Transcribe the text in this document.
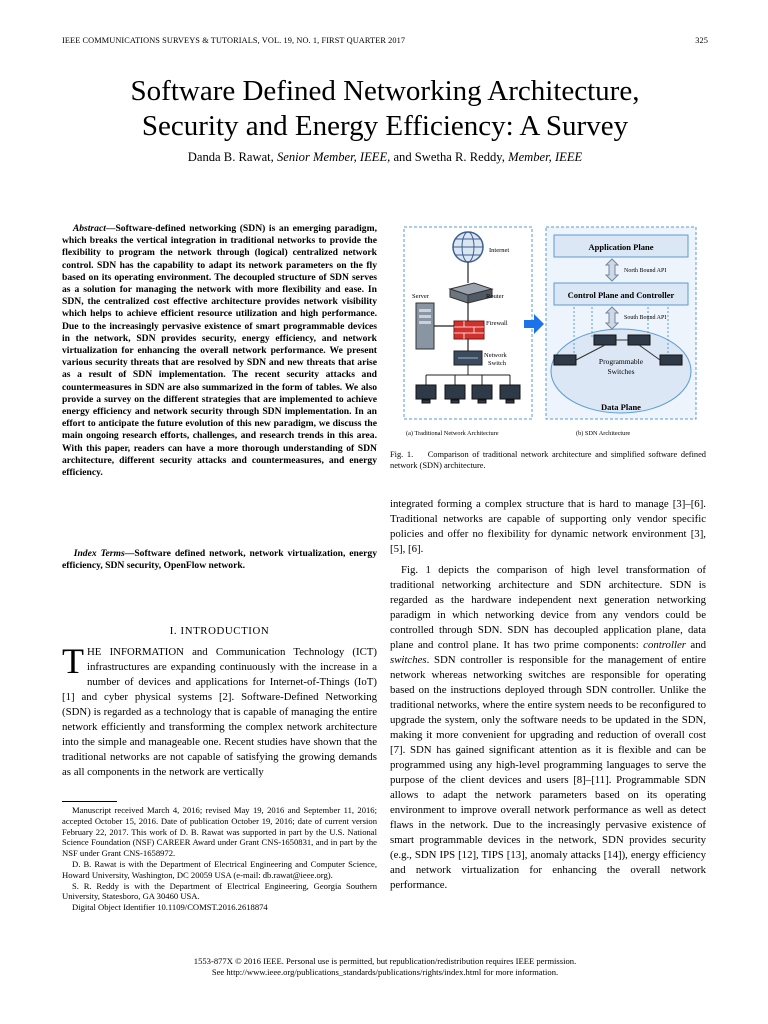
IEEE COMMUNICATIONS SURVEYS & TUTORIALS, VOL. 19, NO. 1, FIRST QUARTER 2017	325
Software Defined Networking Architecture,
Security and Energy Efficiency: A Survey
Danda B. Rawat, Senior Member, IEEE, and Swetha R. Reddy, Member, IEEE
Abstract—Software-defined networking (SDN) is an emerging paradigm, which breaks the vertical integration in traditional networks to provide the flexibility to program the network through (logical) centralized network control. SDN has the capability to adapt its network parameters on the fly based on its operating environment. The decoupled structure of SDN serves as a solution for managing the network with more flexibility and ease. In SDN, the centralized cost effective architecture provides network visibility which helps to achieve efficient resource utilization and high performance. Due to the increasingly pervasive existence of smart programmable devices in the network, SDN provides security, energy efficiency, and network virtualization for enhancing the overall network performance. We present various security threats that are resolved by SDN and new threats that arise as a result of SDN implementation. The recent security attacks and countermeasures in SDN are also summarized in the form of tables. We also provide a survey on the different strategies that are implemented to achieve energy efficiency and network security through SDN implementation. In an effort to anticipate the future evolution of this new paradigm, we discuss the main ongoing research efforts, challenges, and research trends in this area. With this paper, readers can have a more thorough understanding of SDN architecture, different security attacks and countermeasures, and energy efficiency.
Index Terms—Software defined network, network virtualization, energy efficiency, SDN security, OpenFlow network.
I. INTRODUCTION
THE INFORMATION and Communication Technology (ICT) infrastructures are expanding continuously with the increase in a number of devices and applications for Internet-of-Things (IoT) [1] and cyber physical systems [2]. Software-Defined Networking (SDN) is regarded as a technology that is capable of managing the entire network efficiently and transforming the complex network architecture into the simple and manageable one. Recent studies have shown that the traditional networks are not capable of satisfying the growing demands as all components in the network are vertically

Manuscript received March 4, 2016; revised May 19, 2016 and September 11, 2016; accepted October 15, 2016. Date of publication October 19, 2016; date of current version February 22, 2017. This work of D. B. Rawat was supported in part by the U.S. National Science Foundation (NSF) CAREER Award under Grant CNS-1650831, and in part by the NSF under Grant CNS-1658972.

D. B. Rawat is with the Department of Electrical Engineering and Computer Science, Howard University, Washington, DC 20059 USA (e-mail: db.rawat@ieee.org).

S. R. Reddy is with the Department of Electrical Engineering, Georgia Southern University, Statesboro, GA 30460 USA.

Digital Object Identifier 10.1109/COMST.2016.2618874

Internet
Router
Server
Firewall
Network
Switch
Application Plane
North Bound API
Control Plane and Controller
South Bound API
Programmable
Switches
Data Plane
(a) Traditional Network Architecture	(b) SDN Architecture
Fig. 1. Comparison of traditional network architecture and simplified software defined network (SDN) architecture.

integrated forming a complex structure that is hard to manage [3]–[6]. Traditional networks are capable of supporting only vendor specific policies and offer no flexibility for dynamic network environment [3], [5], [6].

Fig. 1 depicts the comparison of high level transformation of traditional networking architecture and SDN architecture. SDN is regarded as the hardware independent next generation networking paradigm in which networking device from any vendors could be controlled through SDN. SDN has decoupled application plane, data plane and control plane. It has two prime components: controller and switches. SDN controller is responsible for the management of entire network whereas networking switches are responsible for operating based on the instructions deployed through SDN controller. Unlike the traditional networks, where the entire system needs to be reconfigured to upgrade the system, only the software needs to be updated in the SDN, making it more convenient for upgrading and reduction of overall cost [7]. SDN has gained significant attention as it is flexible and can be programmed using any high-level programming languages to serve the purpose of the client devices and users [8]–[11]. Programmable SDN allows to adapt the network parameters based on its operating environment to improve overall network performance as well as detect flaws in the network. Due to the increasingly pervasive existence of smart programmable devices in the network, SDN provides security (e.g., SDN IPS [12], TIPS [13], anomaly attacks [14]), energy efficiency and network virtualization for enhancing the overall network performance.

1553-877X © 2016 IEEE. Personal use is permitted, but republication/redistribution requires IEEE permission.
See http://www.ieee.org/publications_standards/publications/rights/index.html for more information.
